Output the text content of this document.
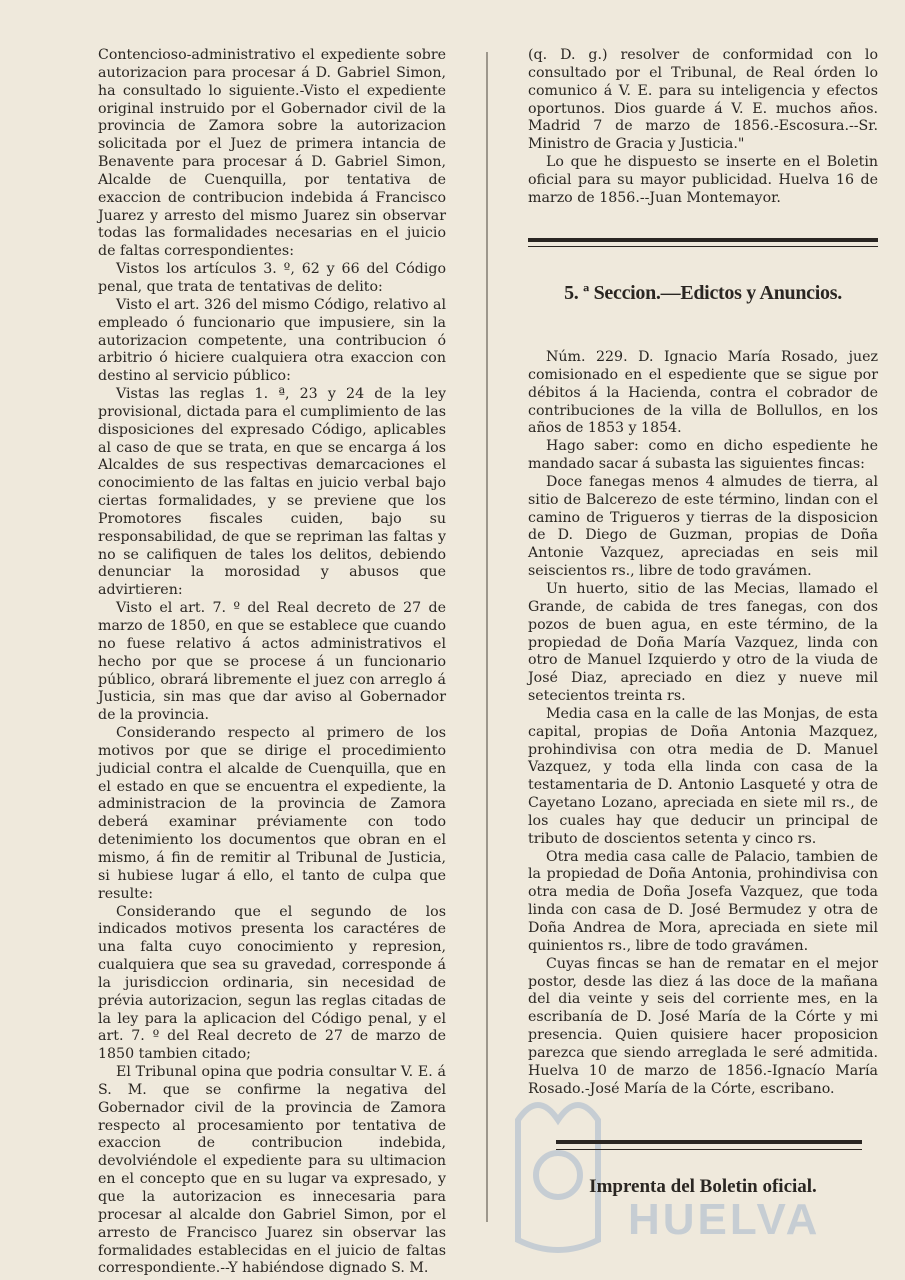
Contencioso-administrativo el expediente sobre autorizacion para procesar á D. Gabriel Simon, ha consultado lo siguiente.-Visto el expediente original instruido por el Gobernador civil de la provincia de Zamora sobre la autorizacion solicitada por el Juez de primera intancia de Benavente para procesar á D. Gabriel Simon, Alcalde de Cuenquilla, por tentativa de exaccion de contribucion indebida á Francisco Juarez y arresto del mismo Juarez sin observar todas las formalidades necesarias en el juicio de faltas correspondientes:

Vistos los artículos 3. º, 62 y 66 del Código penal, que trata de tentativas de delito:

Visto el art. 326 del mismo Código, relativo al empleado ó funcionario que impusiere, sin la autorizacion competente, una contribucion ó arbitrio ó hiciere cualquiera otra exaccion con destino al servicio público:

Vistas las reglas 1. ª, 23 y 24 de la ley provisional, dictada para el cumplimiento de las disposiciones del expresado Código, aplicables al caso de que se trata, en que se encarga á los Alcaldes de sus respectivas demarcaciones el conocimiento de las faltas en juicio verbal bajo ciertas formalidades, y se previene que los Promotores fiscales cuiden, bajo su responsabilidad, de que se repriman las faltas y no se califiquen de tales los delitos, debiendo denunciar la morosidad y abusos que advirtieren:

Visto el art. 7. º del Real decreto de 27 de marzo de 1850, en que se establece que cuando no fuese relativo á actos administrativos el hecho por que se procese á un funcionario público, obrará libremente el juez con arreglo á Justicia, sin mas que dar aviso al Gobernador de la provincia.

Considerando respecto al primero de los motivos por que se dirige el procedimiento judicial contra el alcalde de Cuenquilla, que en el estado en que se encuentra el expediente, la administracion de la provincia de Zamora deberá examinar préviamente con todo detenimiento los documentos que obran en el mismo, á fin de remitir al Tribunal de Justicia, si hubiese lugar á ello, el tanto de culpa que resulte:

Considerando que el segundo de los indicados motivos presenta los caractéres de una falta cuyo conocimiento y represion, cualquiera que sea su gravedad, corresponde á la jurisdiccion ordinaria, sin necesidad de prévia autorizacion, segun las reglas citadas de la ley para la aplicacion del Código penal, y el art. 7. º del Real decreto de 27 de marzo de 1850 tambien citado;

El Tribunal opina que podria consultar V. E. á S. M. que se confirme la negativa del Gobernador civil de la provincia de Zamora respecto al procesamiento por tentativa de exaccion de contribucion indebida, devolviéndole el expediente para su ultimacion en el concepto que en su lugar va expresado, y que la autorizacion es innecesaria para procesar al alcalde don Gabriel Simon, por el arresto de Francisco Juarez sin observar las formalidades establecidas en el juicio de faltas correspondiente.--Y habiéndose dignado S. M.

(q. D. g.) resolver de conformidad con lo consultado por el Tribunal, de Real órden lo comunico á V. E. para su inteligencia y efectos oportunos. Dios guarde á V. E. muchos años. Madrid 7 de marzo de 1856.-Escosura.--Sr. Ministro de Gracia y Justicia."

Lo que he dispuesto se inserte en el Boletin oficial para su mayor publicidad. Huelva 16 de marzo de 1856.--Juan Montemayor.

5. ª Seccion.—Edictos y Anuncios.

Núm. 229. D. Ignacio María Rosado, juez comisionado en el espediente que se sigue por débitos á la Hacienda, contra el cobrador de contribuciones de la villa de Bollullos, en los años de 1853 y 1854.

Hago saber: como en dicho espediente he mandado sacar á subasta las siguientes fincas:

Doce fanegas menos 4 almudes de tierra, al sitio de Balcerezo de este término, lindan con el camino de Trigueros y tierras de la disposicion de D. Diego de Guzman, propias de Doña Antonie Vazquez, apreciadas en seis mil seiscientos rs., libre de todo gravámen.

Un huerto, sitio de las Mecias, llamado el Grande, de cabida de tres fanegas, con dos pozos de buen agua, en este término, de la propiedad de Doña María Vazquez, linda con otro de Manuel Izquierdo y otro de la viuda de José Diaz, apreciado en diez y nueve mil setecientos treinta rs.

Media casa en la calle de las Monjas, de esta capital, propias de Doña Antonia Mazquez, prohindivisa con otra media de D. Manuel Vazquez, y toda ella linda con casa de la testamentaria de D. Antonio Lasqueté y otra de Cayetano Lozano, apreciada en siete mil rs., de los cuales hay que deducir un principal de tributo de doscientos setenta y cinco rs.

Otra media casa calle de Palacio, tambien de la propiedad de Doña Antonia, prohindivisa con otra media de Doña Josefa Vazquez, que toda linda con casa de D. José Bermudez y otra de Doña Andrea de Mora, apreciada en siete mil quinientos rs., libre de todo gravámen.

Cuyas fincas se han de rematar en el mejor postor, desde las diez á las doce de la mañana del dia veinte y seis del corriente mes, en la escribanía de D. José María de la Córte y mi presencia. Quien quisiere hacer proposicion parezca que siendo arreglada le seré admitida. Huelva 10 de marzo de 1856.-Ignacío María Rosado.-José María de la Córte, escribano.

Imprenta del Boletin oficial.
HUELVA
